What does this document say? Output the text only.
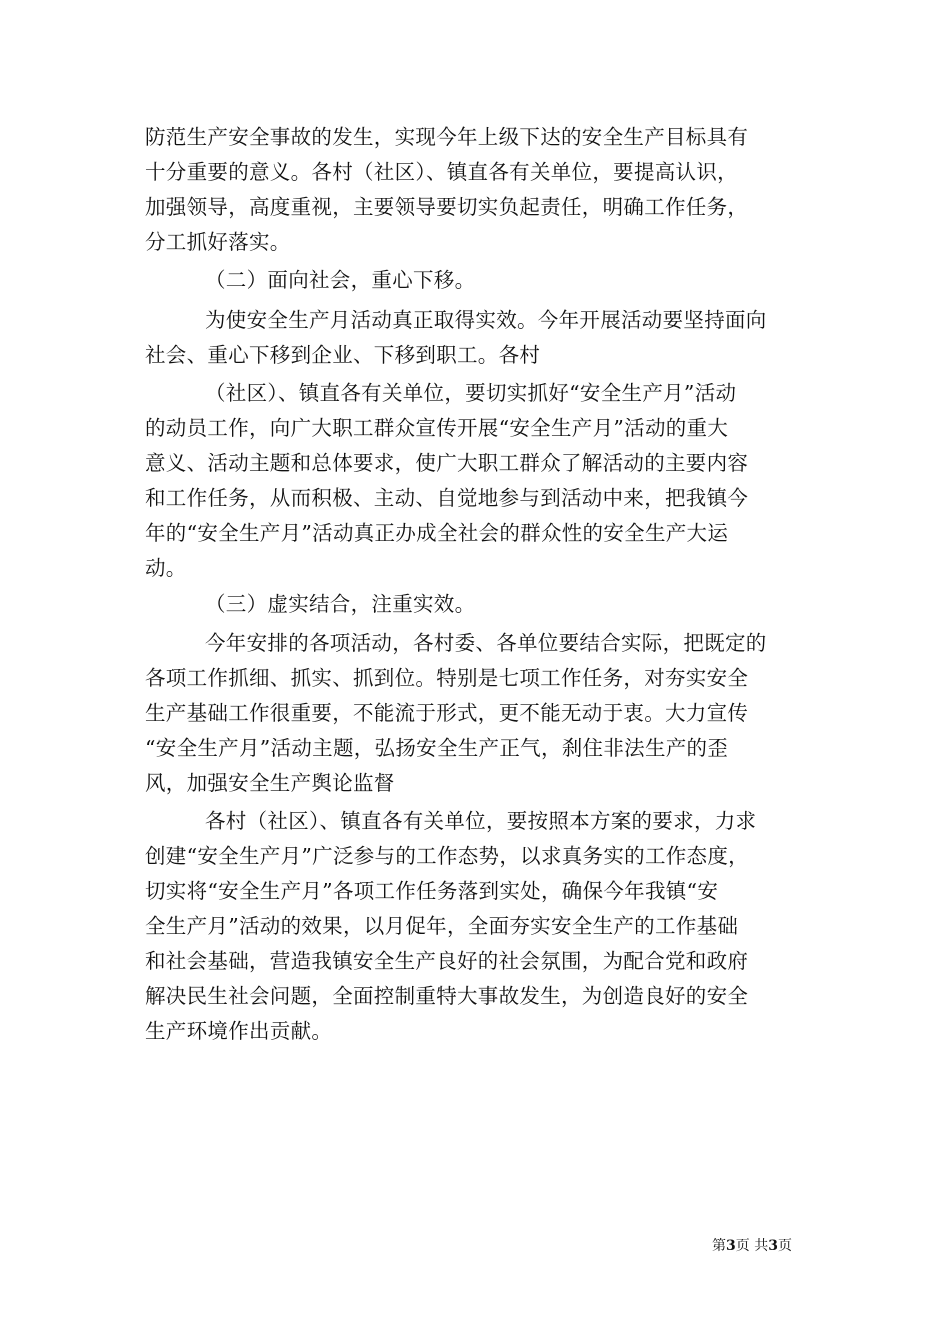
防范生产安全事故的发生，实现今年上级下达的安全生产目标具有
十分重要的意义。各村（社区）、镇直各有关单位，要提高认识，
加强领导，高度重视，主要领导要切实负起责任，明确工作任务，
分工抓好落实。
（二）面向社会，重心下移。
为使安全生产月活动真正取得实效。今年开展活动要坚持面向
社会、重心下移到企业、下移到职工。各村
（社区）、镇直各有关单位，要切实抓好“安全生产月”活动
的动员工作，向广大职工群众宣传开展“安全生产月”活动的重大
意义、活动主题和总体要求，使广大职工群众了解活动的主要内容
和工作任务，从而积极、主动、自觉地参与到活动中来，把我镇今
年的“安全生产月”活动真正办成全社会的群众性的安全生产大运
动。
（三）虚实结合，注重实效。
今年安排的各项活动，各村委、各单位要结合实际，把既定的
各项工作抓细、抓实、抓到位。特别是七项工作任务，对夯实安全
生产基础工作很重要，不能流于形式，更不能无动于衷。大力宣传
“安全生产月”活动主题，弘扬安全生产正气，刹住非法生产的歪
风，加强安全生产舆论监督
各村（社区）、镇直各有关单位，要按照本方案的要求，力求
创建“安全生产月”广泛参与的工作态势，以求真务实的工作态度，
切实将“安全生产月”各项工作任务落到实处，确保今年我镇“安
全生产月”活动的效果，以月促年，全面夯实安全生产的工作基础
和社会基础，营造我镇安全生产良好的社会氛围，为配合党和政府
解决民生社会问题，全面控制重特大事故发生，为创造良好的安全
生产环境作出贡献。
第3页 共3页
